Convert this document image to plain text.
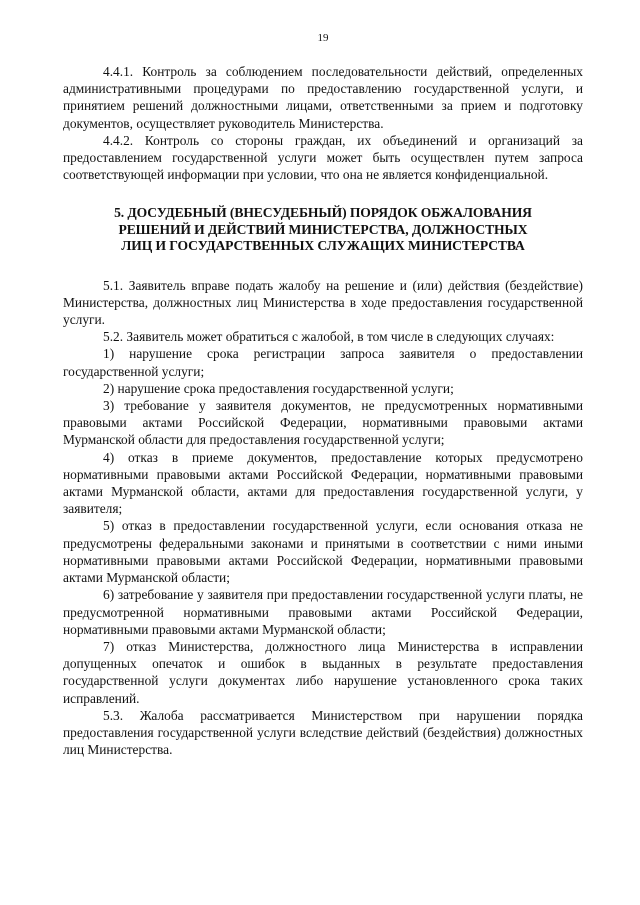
19

4.4.1. Контроль за соблюдением последовательности действий, определенных административными процедурами по предоставлению государственной услуги, и принятием решений должностными лицами, ответственными за прием и подготовку документов, осуществляет руководитель Министерства.

4.4.2. Контроль со стороны граждан, их объединений и организаций за предоставлением государственной услуги может быть осуществлен путем запроса соответствующей информации при условии, что она не является конфиденциальной.

5. ДОСУДЕБНЫЙ (ВНЕСУДЕБНЫЙ) ПОРЯДОК ОБЖАЛОВАНИЯ
РЕШЕНИЙ И ДЕЙСТВИЙ МИНИСТЕРСТВА, ДОЛЖНОСТНЫХ
ЛИЦ И ГОСУДАРСТВЕННЫХ СЛУЖАЩИХ МИНИСТЕРСТВА

5.1. Заявитель вправе подать жалобу на решение и (или) действия (бездействие) Министерства, должностных лиц Министерства в ходе предоставления государственной услуги.

5.2. Заявитель может обратиться с жалобой, в том числе в следующих случаях:

1) нарушение срока регистрации запроса заявителя о предоставлении государственной услуги;

2) нарушение срока предоставления государственной услуги;

3) требование у заявителя документов, не предусмотренных нормативными правовыми актами Российской Федерации, нормативными правовыми актами Мурманской области для предоставления государственной услуги;

4) отказ в приеме документов, предоставление которых предусмотрено нормативными правовыми актами Российской Федерации, нормативными правовыми актами Мурманской области, актами для предоставления государственной услуги, у заявителя;

5) отказ в предоставлении государственной услуги, если основания отказа не предусмотрены федеральными законами и принятыми в соответствии с ними иными нормативными правовыми актами Российской Федерации, нормативными правовыми актами Мурманской области;

6) затребование у заявителя при предоставлении государственной услуги платы, не предусмотренной нормативными правовыми актами Российской Федерации, нормативными правовыми актами Мурманской области;

7) отказ Министерства, должностного лица Министерства в исправлении допущенных опечаток и ошибок в выданных в результате предоставления государственной услуги документах либо нарушение установленного срока таких исправлений.

5.3. Жалоба рассматривается Министерством при нарушении порядка предоставления государственной услуги вследствие действий (бездействия) должностных лиц Министерства.
